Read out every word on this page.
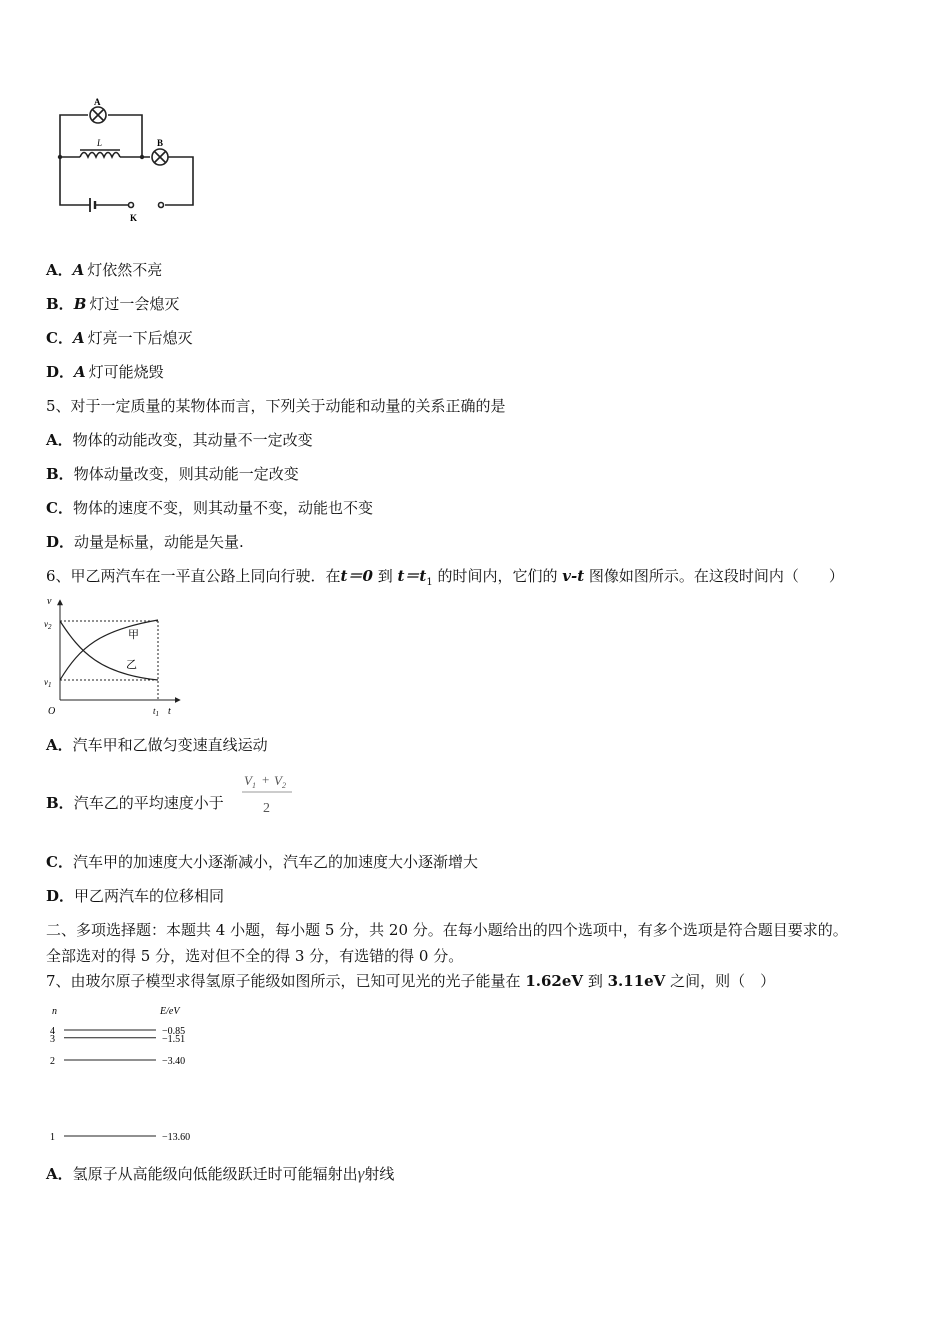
A
B
L
K
A．A  灯依然不亮
B．B  灯过一会熄灭
C．A  灯亮一下后熄灭
D．A  灯可能烧毁
5、对于一定质量的某物体而言，下列关于动能和动量的关系正确的是
A．物体的动能改变，其动量不一定改变
B．物体动量改变，则其动能一定改变
C．物体的速度不变，则其动量不变，动能也不变
D．动量是标量，动能是矢量.
6、甲乙两汽车在一平直公路上同向行驶．在t＝0 到 $t=t_1$ 的时间内，它们的 v-t 图像如图所示。在这段时间内（　　）
v
t
O
$v_2$
$v_1$
$t_1$
甲
乙
A．汽车甲和乙做匀变速直线运动
B．汽车乙的平均速度小于
$V_1 + V_2$
2
C．汽车甲的加速度大小逐渐减小，汽车乙的加速度大小逐渐增大
D．甲乙两汽车的位移相同
二、多项选择题：本题共 4 小题，每小题 5 分，共 20 分。在每小题给出的四个选项中，有多个选项是符合题目要求的。
全部选对的得 5 分，选对但不全的得 3 分，有选错的得 0 分。
7、由玻尔原子模型求得氢原子能级如图所示，已知可见光的光子能量在 1.62eV 到 3.11eV 之间，则（　）
n	E/eV
4	−0.85
3	−1.51
2	−3.40
1	−13.60
A．氢原子从高能级向低能级跃迁时可能辐射出γ射线
